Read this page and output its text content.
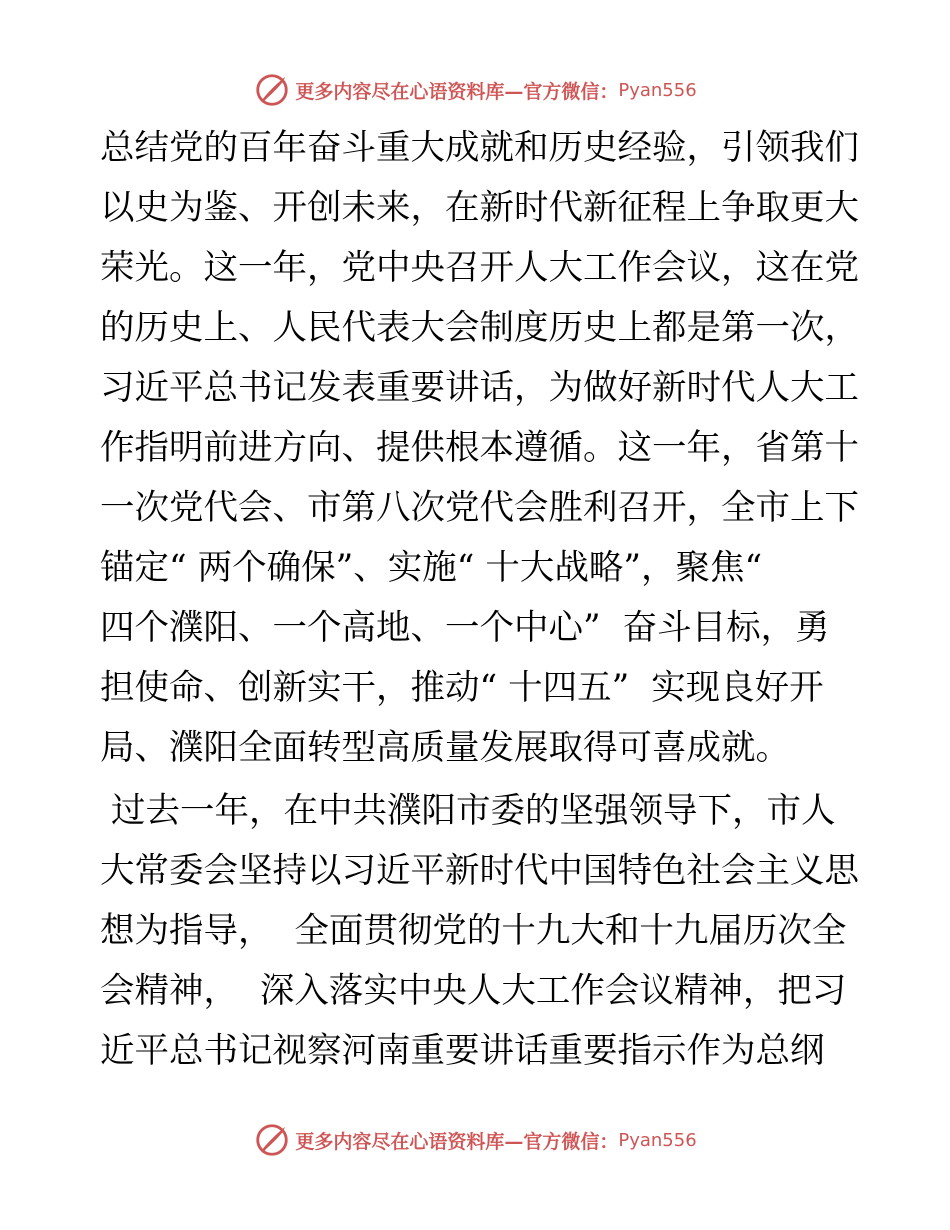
更多内容尽在心语资料库—官方微信： Pyan556
总结党的百年奋斗重大成就和历史经验，引领我们
以史为鉴、开创未来，在新时代新征程上争取更大
荣光。这一年，党中央召开人大工作会议，这在党
的历史上、人民代表大会制度历史上都是第一次，
习近平总书记发表重要讲话，为做好新时代人大工
作指明前进方向、提供根本遵循。这一年，省第十
一次党代会、市第八次党代会胜利召开，全市上下
锚定“ 两个确保”、实施“ 十大战略”，聚焦“
四个濮阳、一个高地、一个中心”  奋斗目标，勇
担使命、创新实干，推动“ 十四五”  实现良好开
局、濮阳全面转型高质量发展取得可喜成就。
过去一年，在中共濮阳市委的坚强领导下，市人
大常委会坚持以习近平新时代中国特色社会主义思
想为指导，  全面贯彻党的十九大和十九届历次全
会精神，  深入落实中央人大工作会议精神，把习
近平总书记视察河南重要讲话重要指示作为总纲
更多内容尽在心语资料库—官方微信： Pyan556
